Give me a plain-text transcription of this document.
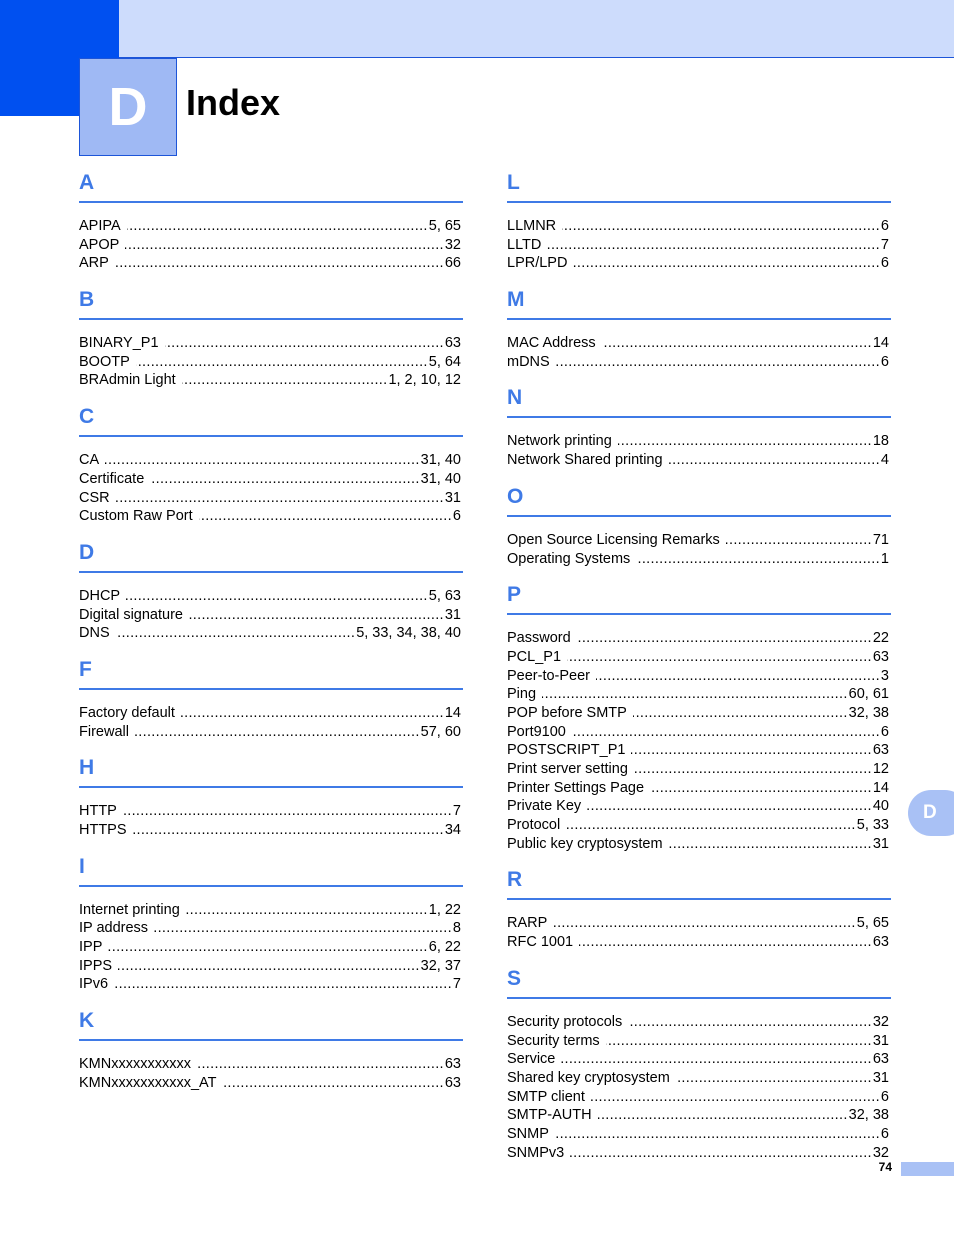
D	Index
A
APIPA .....	5, 65
APOP .....	32
ARP .....	66
B
BINARY_P1 .....	63
BOOTP .....	5, 64
BRAdmin Light .....	1, 2, 10, 12
C
CA .....	31, 40
Certificate .....	31, 40
CSR .....	31
Custom Raw Port .....	6
D
DHCP .....	5, 63
Digital signature .....	31
DNS .....	5, 33, 34, 38, 40
F
Factory default .....	14
Firewall .....	57, 60
H
HTTP .....	7
HTTPS .....	34
I
Internet printing .....	1, 22
IP address .....	8
IPP .....	6, 22
IPPS .....	32, 37
IPv6 .....	7
K
KMNxxxxxxxxxxx .....	63
KMNxxxxxxxxxxx_AT .....	63
L
LLMNR .....	6
LLTD .....	7
LPR/LPD .....	6
M
MAC Address .....	14
mDNS .....	6
N
Network printing .....	18
Network Shared printing .....	4
O
Open Source Licensing Remarks .....	71
Operating Systems .....	1
P
Password .....	22
PCL_P1 .....	63
Peer-to-Peer .....	3
Ping .....	60, 61
POP before SMTP .....	32, 38
Port9100 .....	6
POSTSCRIPT_P1 .....	63
Print server setting .....	12
Printer Settings Page .....	14
Private Key .....	40
Protocol .....	5, 33
Public key cryptosystem .....	31
R
RARP .....	5, 65
RFC 1001 .....	63
S
Security protocols .....	32
Security terms .....	31
Service .....	63
Shared key cryptosystem .....	31
SMTP client .....	6
SMTP-AUTH .....	32, 38
SNMP .....	6
SNMPv3 .....	32
D
74
